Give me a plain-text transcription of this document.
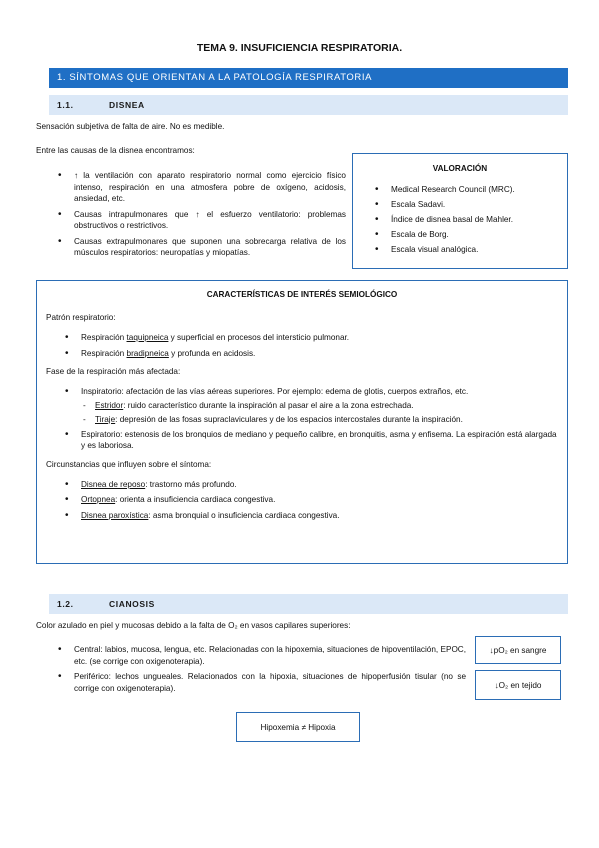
TEMA 9. INSUFICIENCIA RESPIRATORIA.
1. SÍNTOMAS QUE ORIENTAN A LA PATOLOGÍA RESPIRATORIA
1.1.	DISNEA
Sensación subjetiva de falta de aire. No es medible.
Entre las causas de la disnea encontramos:
• ↑ la ventilación con aparato respiratorio normal como ejercicio físico intenso, respiración en una atmosfera pobre de oxígeno, acidosis, ansiedad, etc.
• Causas intrapulmonares que ↑ el esfuerzo ventilatorio: problemas obstructivos o restrictivos.
• Causas extrapulmonares que suponen una sobrecarga relativa de los músculos respiratorios: neuropatías y miopatías.
VALORACIÓN
• Medical Research Council (MRC).
• Escala Sadavi.
• Índice de disnea basal de Mahler.
• Escala de Borg.
• Escala visual analógica.
CARACTERÍSTICAS DE INTERÉS SEMIOLÓGICO
Patrón respiratorio:
• Respiración taquipneica y superficial en procesos del intersticio pulmonar.
• Respiración bradipneica y profunda en acidosis.
Fase de la respiración más afectada:
• Inspiratorio: afectación de las vías aéreas superiores. Por ejemplo: edema de glotis, cuerpos extraños, etc.
- Estridor: ruido característico durante la inspiración al pasar el aire a la zona estrechada.
- Tiraje: depresión de las fosas supraclaviculares y de los espacios intercostales durante la inspiración.
• Espiratorio: estenosis de los bronquios de mediano y pequeño calibre, en bronquitis, asma y enfisema. La espiración está alargada y es laboriosa.
Circunstancias que influyen sobre el síntoma:
• Disnea de reposo: trastorno más profundo.
• Ortopnea: orienta a insuficiencia cardiaca congestiva.
• Disnea paroxística: asma bronquial o insuficiencia cardiaca congestiva.
1.2.	CIANOSIS
Color azulado en piel y mucosas debido a la falta de O₂ en vasos capilares superiores:
• Central: labios, mucosa, lengua, etc. Relacionadas con la hipoxemia, situaciones de hipoventilación, EPOC, etc. (se corrige con oxigenoterapia).
• Periférico: lechos ungueales. Relacionados con la hipoxia, situaciones de hipoperfusión tisular (no se corrige con oxigenoterapia).
↓pO₂ en sangre
↓O₂ en tejido
Hipoxemia ≠ Hipoxia
